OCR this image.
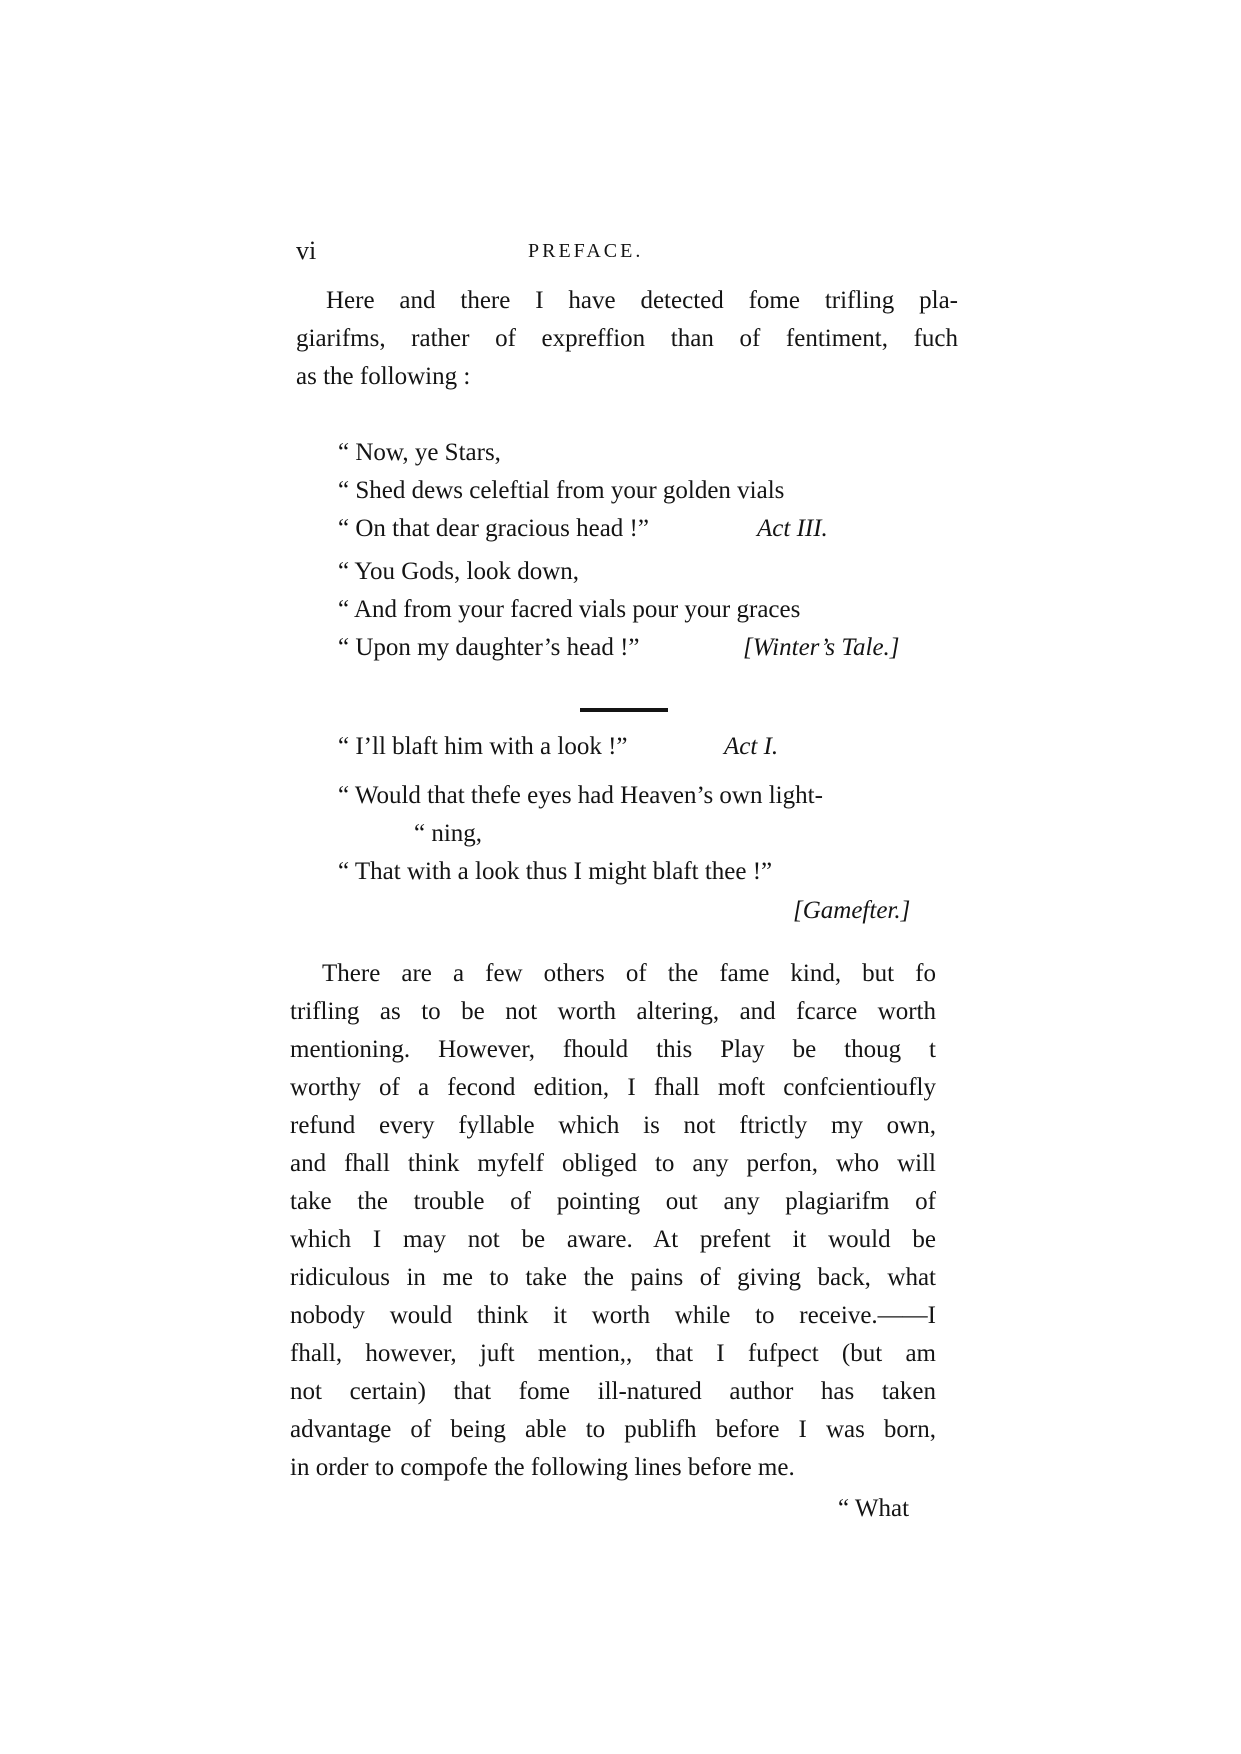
vi	PREFACE.
Here and there I have detected fome trifling pla-
giarifms, rather of expreffion than of fentiment, fuch
as the following :
“ Now, ye Stars,
“ Shed dews celeftial from your golden vials
“ On that dear gracious head !”	Act III.
“ You Gods, look down,
“ And from your facred vials pour your graces
“ Upon my daughter’s head !”	[Winter’s Tale.]
“ I’ll blaft him with a look !”	Act I.
“ Would that thefe eyes had Heaven’s own light-
“ ning,
“ That with a look thus I might blaft thee !”
[Gamefter.]
There are a few others of the fame kind, but fo
trifling as to be not worth altering, and fcarce worth
mentioning. However, fhould this Play be thoug t
worthy of a fecond edition, I fhall moft confcientioufly
refund every fyllable which is not ftrictly my own,
and fhall think myfelf obliged to any perfon, who will
take the trouble of pointing out any plagiarifm of
which I may not be aware. At prefent it would be
ridiculous in me to take the pains of giving back, what
nobody would think it worth while to receive.——I
fhall, however, juft mention,, that I fufpect (but am
not certain) that fome ill-natured author has taken
advantage of being able to publifh before I was born,
in order to compofe the following lines before me.
“ What
